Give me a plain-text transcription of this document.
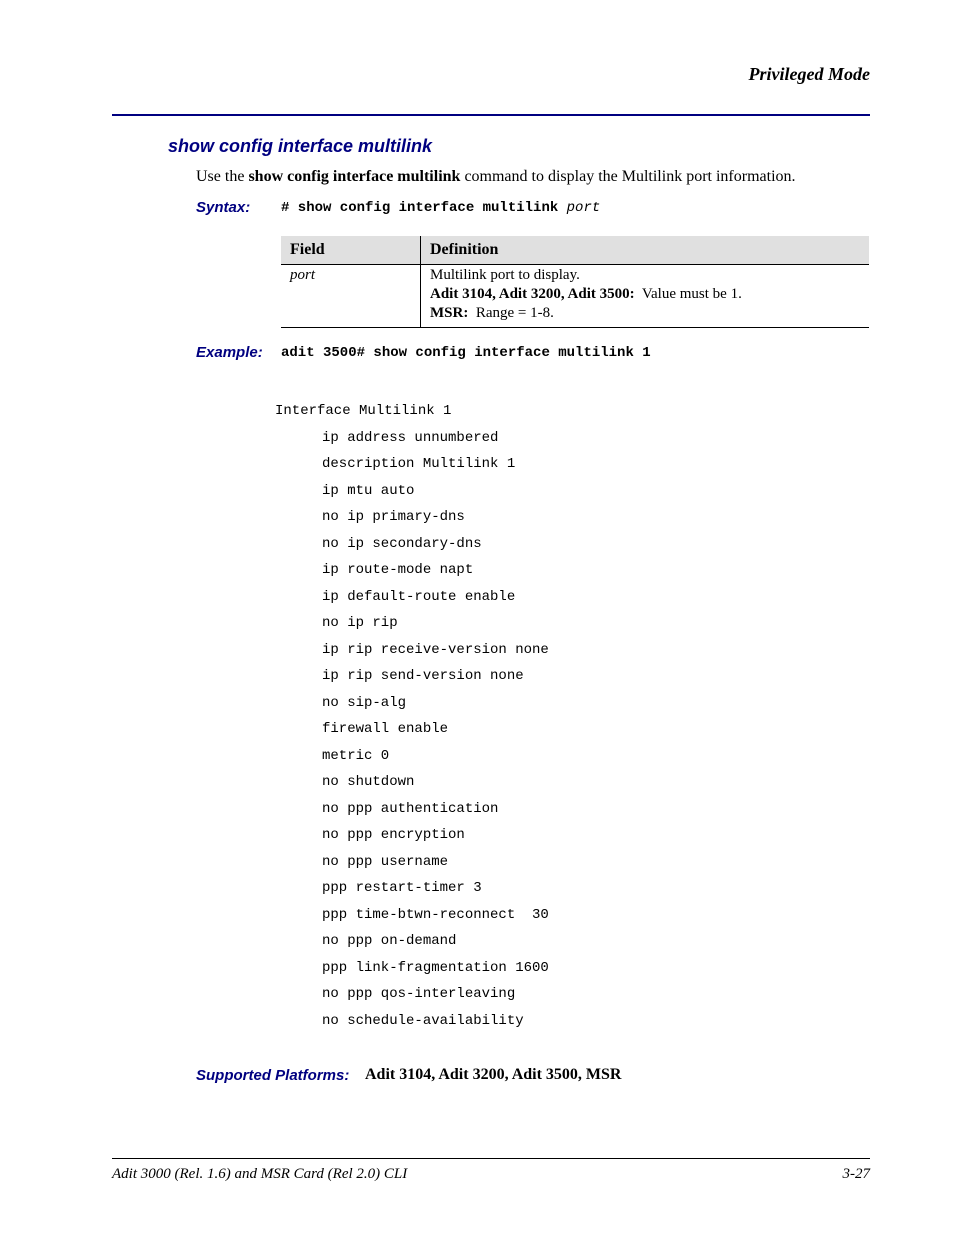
Privileged Mode
show config interface multilink
Use the show config interface multilink command to display the Multilink port information.
Syntax: # show config interface multilink port
Field	Definition
port	Multilink port to display.
Adit 3104, Adit 3200, Adit 3500:  Value must be 1.
MSR:  Range = 1-8.
Example: adit 3500# show config interface multilink 1
Interface Multilink 1
ip address unnumbered
description Multilink 1
ip mtu auto
no ip primary-dns
no ip secondary-dns
ip route-mode napt
ip default-route enable
no ip rip
ip rip receive-version none
ip rip send-version none
no sip-alg
firewall enable
metric 0
no shutdown
no ppp authentication
no ppp encryption
no ppp username
ppp restart-timer 3
ppp time-btwn-reconnect  30
no ppp on-demand
ppp link-fragmentation 1600
no ppp qos-interleaving
no schedule-availability
Supported Platforms: Adit 3104, Adit 3200, Adit 3500, MSR
Adit 3000 (Rel. 1.6) and MSR Card (Rel 2.0) CLI	3-27
